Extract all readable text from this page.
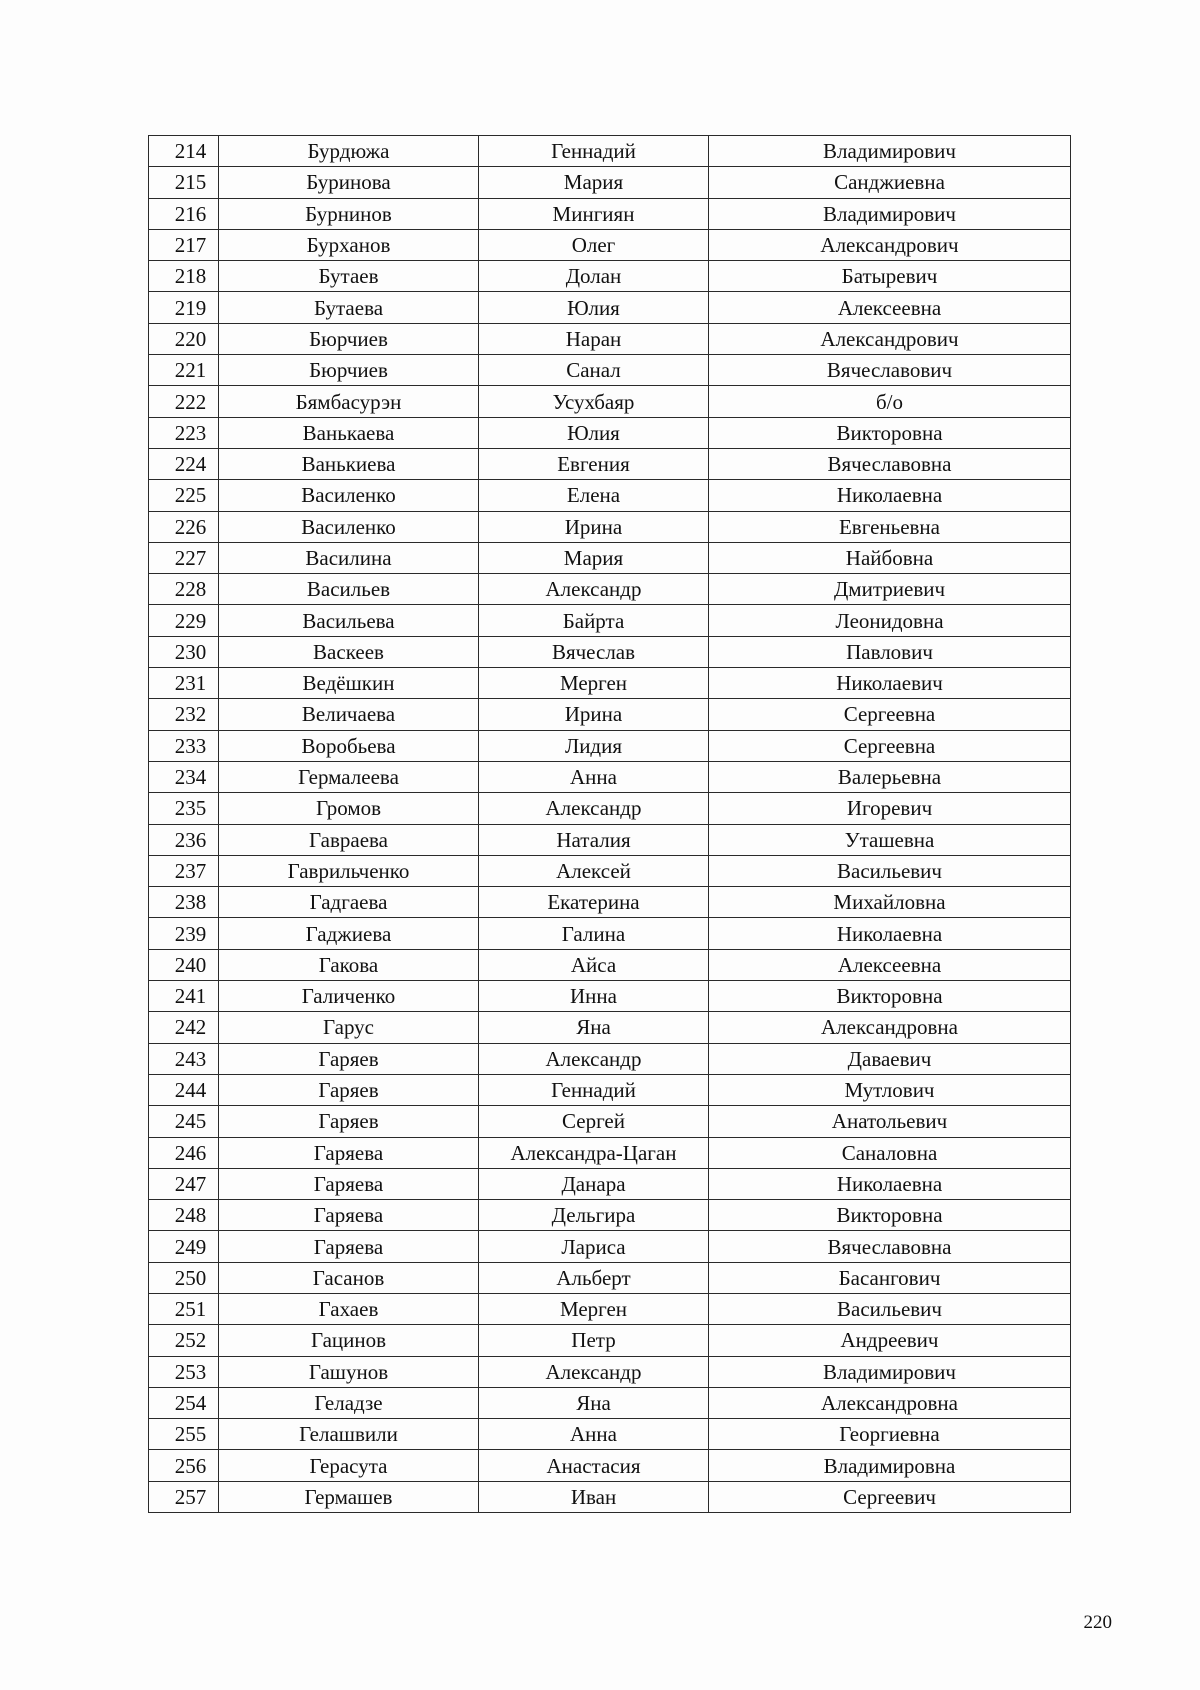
214	Бурдюжа	Геннадий	Владимирович
215	Буринова	Мария	Санджиевна
216	Бурнинов	Мингиян	Владимирович
217	Бурханов	Олег	Александрович
218	Бутаев	Долан	Батыревич
219	Бутаева	Юлия	Алексеевна
220	Бюрчиев	Наран	Александрович
221	Бюрчиев	Санал	Вячеславович
222	Бямбасурэн	Усухбаяр	б/о
223	Ванькаева	Юлия	Викторовна
224	Ванькиева	Евгения	Вячеславовна
225	Василенко	Елена	Николаевна
226	Василенко	Ирина	Евгеньевна
227	Василина	Мария	Найбовна
228	Васильев	Александр	Дмитриевич
229	Васильева	Байрта	Леонидовна
230	Васкеев	Вячеслав	Павлович
231	Ведёшкин	Мерген	Николаевич
232	Величаева	Ирина	Сергеевна
233	Воробьева	Лидия	Сергеевна
234	Гермалеева	Анна	Валерьевна
235	Громов	Александр	Игоревич
236	Гавраева	Наталия	Уташевна
237	Гаврильченко	Алексей	Васильевич
238	Гадгаева	Екатерина	Михайловна
239	Гаджиева	Галина	Николаевна
240	Гакова	Айса	Алексеевна
241	Галиченко	Инна	Викторовна
242	Гарус	Яна	Александровна
243	Гаряев	Александр	Даваевич
244	Гаряев	Геннадий	Мутлович
245	Гаряев	Сергей	Анатольевич
246	Гаряева	Александра-Цаган	Саналовна
247	Гаряева	Данара	Николаевна
248	Гаряева	Дельгира	Викторовна
249	Гаряева	Лариса	Вячеславовна
250	Гасанов	Альберт	Басангович
251	Гахаев	Мерген	Васильевич
252	Гацинов	Петр	Андреевич
253	Гашунов	Александр	Владимирович
254	Геладзе	Яна	Александровна
255	Гелашвили	Анна	Георгиевна
256	Герасута	Анастасия	Владимировна
257	Гермашев	Иван	Сергеевич
220
